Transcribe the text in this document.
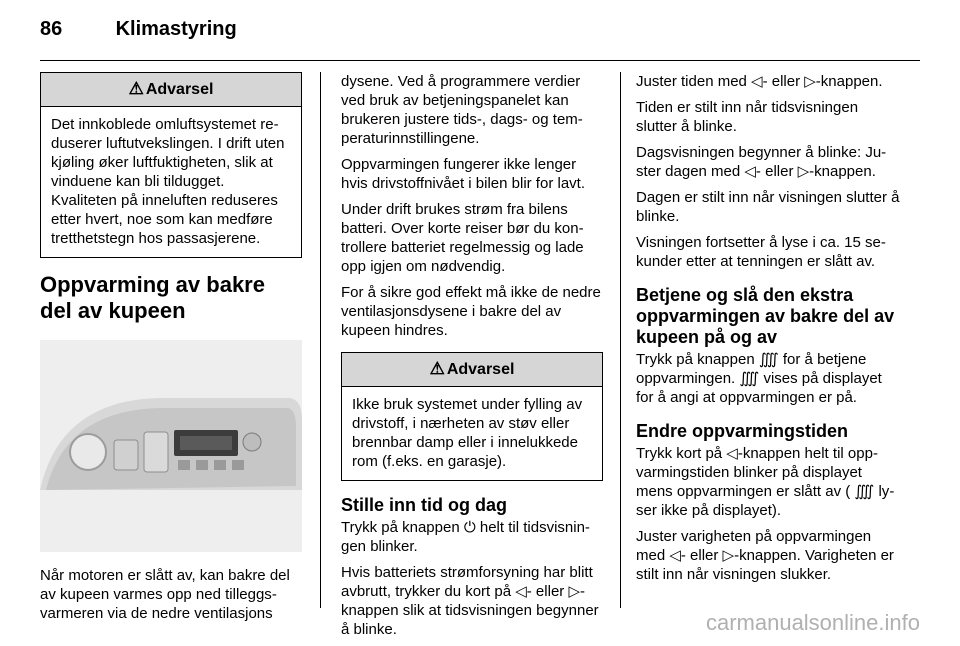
86	Klimastyring
⚠ Advarsel
Det innkoblede omluftsystemet reduserer luftutvekslingen. I drift uten kjøling øker luftfuktigheten, slik at vinduene kan bli tildugget. Kvaliteten på inneluften reduseres etter hvert, noe som kan medføre tretthetstegn hos passasjerene.
Oppvarming av bakre del av kupeen

Når motoren er slått av, kan bakre del av kupeen varmes opp ned tilleggsvarmeren via de nedre ventilasjons

dysene. Ved å programmere verdier ved bruk av betjeningspanelet kan brukeren justere tids-, dags- og temperaturinnstillingene.

Oppvarmingen fungerer ikke lenger hvis drivstoffnivået i bilen blir for lavt.

Under drift brukes strøm fra bilens batteri. Over korte reiser bør du kontrollere batteriet regelmessig og lade opp igjen om nødvendig.

For å sikre god effekt må ikke de nedre ventilasjonsdysene i bakre del av kupeen hindres.

⚠ Advarsel
Ikke bruk systemet under fylling av drivstoff, i nærheten av støv eller brennbar damp eller i innelukkede rom (f.eks. en garasje).
Stille inn tid og dag

Trykk på knappen ⏻ helt til tidsvisningen blinker.

Hvis batteriets strømforsyning har blitt avbrutt, trykker du kort på ◁- eller ▷-knappen slik at tidsvisningen begynner å blinke.

Juster tiden med ◁- eller ▷-knappen.

Tiden er stilt inn når tidsvisningen slutter å blinke.

Dagsvisningen begynner å blinke: Juster dagen med ◁- eller ▷-knappen.

Dagen er stilt inn når visningen slutter å blinke.

Visningen fortsetter å lyse i ca. 15 sekunder etter at tenningen er slått av.

Betjene og slå den ekstra oppvarmingen av bakre del av kupeen på og av

Trykk på knappen ⨌ for å betjene oppvarmingen. ⨌ vises på displayet for å angi at oppvarmingen er på.

Endre oppvarmingstiden

Trykk kort på ◁-knappen helt til oppvarmingstiden blinker på displayet mens oppvarmingen er slått av ( ⨌ lyser ikke på displayet).

Juster varigheten på oppvarmingen med ◁- eller ▷-knappen. Varigheten er stilt inn når visningen slukker.

carmanualsonline.info
